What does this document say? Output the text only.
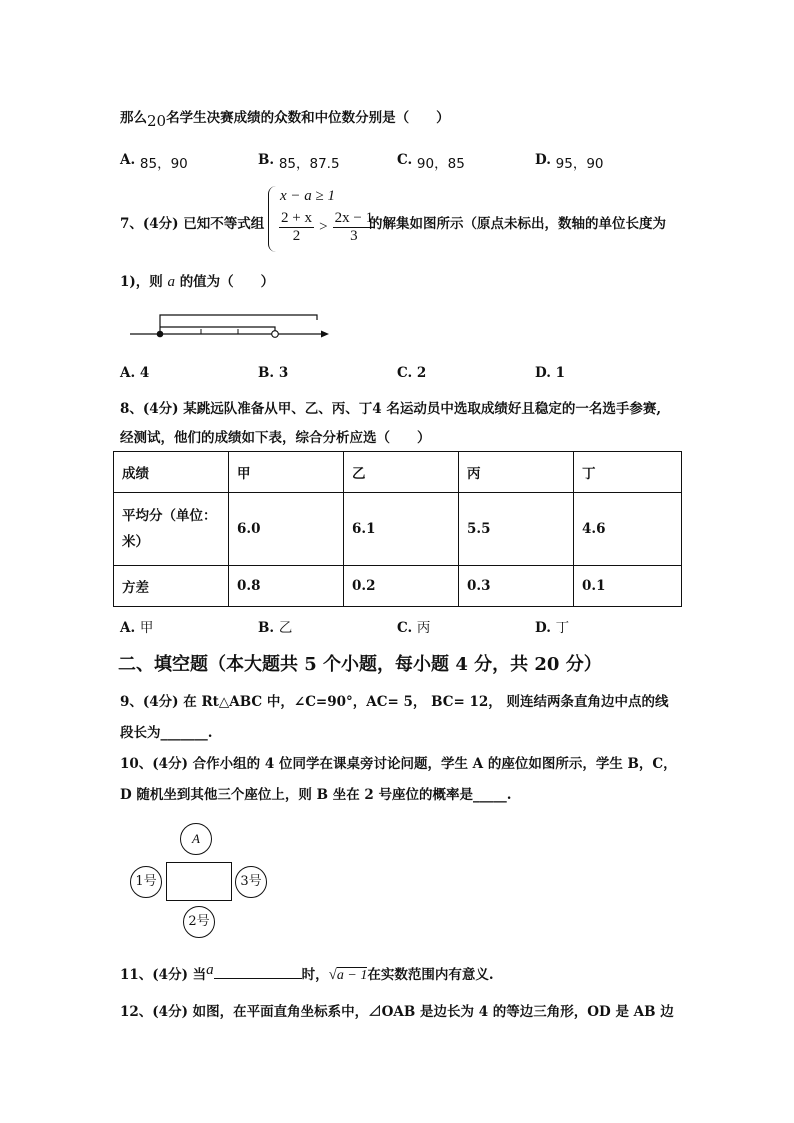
那么20名学生决赛成绩的众数和中位数分别是（　　）
A. 85，90	B. 85，87.5	C. 90，85	D. 95，90
7、(4分) 已知不等式组
x − a ≥ 1
$\frac{2 + x}{2} > \frac{2x - 1}{3}$
的解集如图所示（原点未标出，数轴的单位长度为
1)，则 a 的值为（　　）
A. 4	B. 3	C. 2	D. 1
8、(4分) 某跳远队准备从甲、乙、丙、丁4 名运动员中选取成绩好且稳定的一名选手参赛,
经测试，他们的成绩如下表，综合分析应选（　　）
成绩	甲	乙	丙	丁
平均分（单位：
米）	6.0	6.1	5.5	4.6
方差	0.8	0.2	0.3	0.1
A. 甲	B. 乙	C. 丙	D. 丁
二、填空题（本大题共 5 个小题，每小题 4 分，共 20 分）
9、(4分) 在 Rt△ABC 中，∠C=90°，AC= 5， BC= 12， 则连结两条直角边中点的线
段长为_______.
10、(4分) 合作小组的 4 位同学在课桌旁讨论问题，学生 A 的座位如图所示，学生 B，C，
D 随机坐到其他三个座位上，则 B 坐在 2 号座位的概率是_____.
A
1号	3号
2号
11、(4分) 当a	时，√a − 1在实数范围内有意义.
12、(4分) 如图，在平面直角坐标系中，⊿OAB 是边长为 4 的等边三角形，OD 是 AB 边
